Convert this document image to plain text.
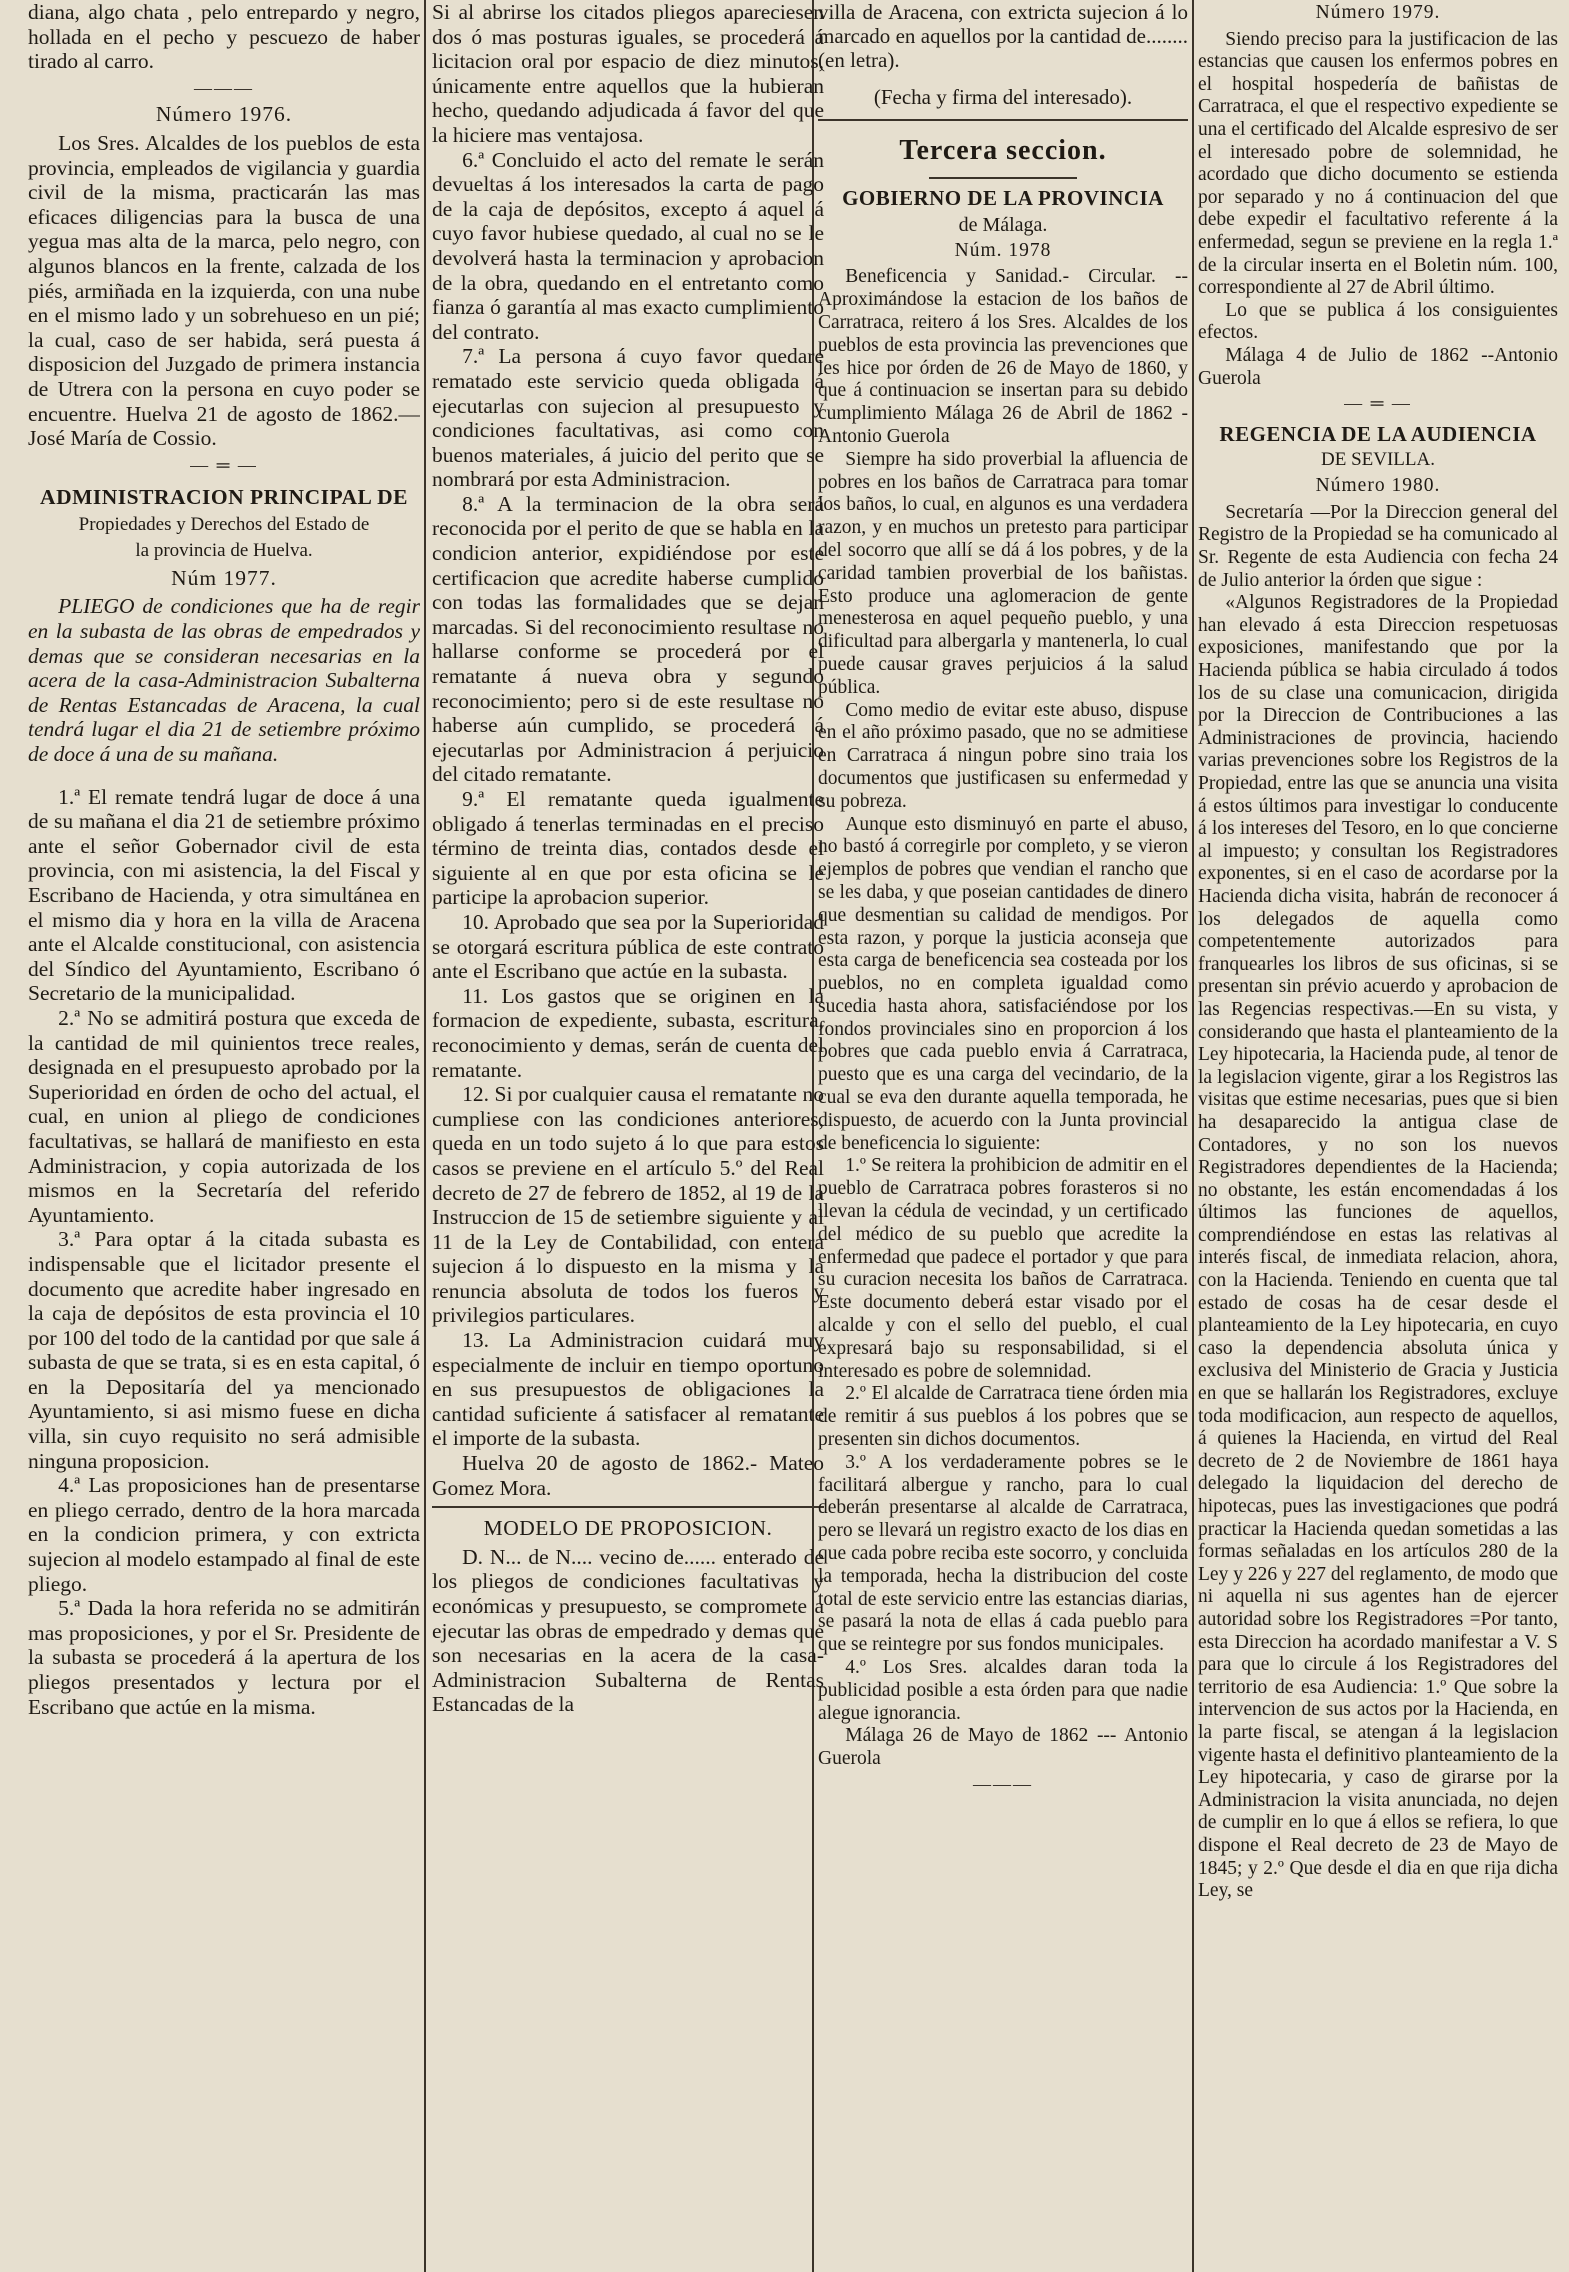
diana, algo chata , pelo entrepardo y negro, hollada en el pecho y pescuezo de haber tirado al carro.

———
Número 1976.

Los Sres. Alcaldes de los pueblos de esta provincia, empleados de vigilancia y guardia civil de la misma, practicarán las mas eficaces diligencias para la busca de una yegua mas alta de la marca, pelo negro, con algunos blancos en la frente, calzada de los piés, armiñada en la izquierda, con una nube en el mismo lado y un sobrehueso en un pié; la cual, caso de ser habida, será puesta á disposicion del Juzgado de primera instancia de Utrera con la persona en cuyo poder se encuentre. Huelva 21 de agosto de 1862.—José María de Cossio.

— ═ —
ADMINISTRACION PRINCIPAL DE
Propiedades y Derechos del Estado de
la provincia de Huelva.
Núm 1977.

PLIEGO de condiciones que ha de regir en la subasta de las obras de empedrados y demas que se consideran necesarias en la acera de la casa-Administracion Subalterna de Rentas Estancadas de Aracena, la cual tendrá lugar el dia 21 de setiembre próximo de doce á una de su mañana.

1.ª El remate tendrá lugar de doce á una de su mañana el dia 21 de setiembre próximo ante el señor Gobernador civil de esta provincia, con mi asistencia, la del Fiscal y Escribano de Hacienda, y otra simultánea en el mismo dia y hora en la villa de Aracena ante el Alcalde constitucional, con asistencia del Síndico del Ayuntamiento, Escribano ó Secretario de la municipalidad.

2.ª No se admitirá postura que exceda de la cantidad de mil quinientos trece reales, designada en el presupuesto aprobado por la Superioridad en órden de ocho del actual, el cual, en union al pliego de condiciones facultativas, se hallará de manifiesto en esta Administracion, y copia autorizada de los mismos en la Secretaría del referido Ayuntamiento.

3.ª Para optar á la citada subasta es indispensable que el licitador presente el documento que acredite haber ingresado en la caja de depósitos de esta provincia el 10 por 100 del todo de la cantidad por que sale á subasta de que se trata, si es en esta capital, ó en la Depositaría del ya mencionado Ayuntamiento, si asi mismo fuese en dicha villa, sin cuyo requisito no será admisible ninguna proposicion.

4.ª Las proposiciones han de presentarse en pliego cerrado, dentro de la hora marcada en la condicion primera, y con extricta sujecion al modelo estampado al final de este pliego.

5.ª Dada la hora referida no se admitirán mas proposiciones, y por el Sr. Presidente de la subasta se procederá á la apertura de los pliegos presentados y lectura por el Escribano que actúe en la misma.

Si al abrirse los citados pliegos apareciesen dos ó mas posturas iguales, se procederá á licitacion oral por espacio de diez minutos, únicamente entre aquellos que la hubieran hecho, quedando adjudicada á favor del que la hiciere mas ventajosa.

6.ª Concluido el acto del remate le serán devueltas á los interesados la carta de pago de la caja de depósitos, excepto á aquel á cuyo favor hubiese quedado, al cual no se le devolverá hasta la terminacion y aprobacion de la obra, quedando en el entretanto como fianza ó garantía al mas exacto cumplimiento del contrato.

7.ª La persona á cuyo favor quedare rematado este servicio queda obligada á ejecutarlas con sujecion al presupuesto y condiciones facultativas, asi como con buenos materiales, á juicio del perito que se nombrará por esta Administracion.

8.ª A la terminacion de la obra será reconocida por el perito de que se habla en la condicion anterior, expidiéndose por este certificacion que acredite haberse cumplido con todas las formalidades que se dejan marcadas. Si del reconocimiento resultase no hallarse conforme se procederá por el rematante á nueva obra y segundo reconocimiento; pero si de este resultase no haberse aún cumplido, se procederá á ejecutarlas por Administracion á perjuicio del citado rematante.

9.ª El rematante queda igualmente obligado á tenerlas terminadas en el preciso término de treinta dias, contados desde el siguiente al en que por esta oficina se le participe la aprobacion superior.

10. Aprobado que sea por la Superioridad se otorgará escritura pública de este contrato ante el Escribano que actúe en la subasta.

11. Los gastos que se originen en la formacion de expediente, subasta, escritura, reconocimiento y demas, serán de cuenta del rematante.

12. Si por cualquier causa el rematante no cumpliese con las condiciones anteriores, queda en un todo sujeto á lo que para estos casos se previene en el artículo 5.º del Real decreto de 27 de febrero de 1852, al 19 de la Instruccion de 15 de setiembre siguiente y al 11 de la Ley de Contabilidad, con entera sujecion á lo dispuesto en la misma y la renuncia absoluta de todos los fueros y privilegios particulares.

13. La Administracion cuidará muy especialmente de incluir en tiempo oportuno en sus presupuestos de obligaciones la cantidad suficiente á satisfacer al rematante el importe de la subasta.

Huelva 20 de agosto de 1862.- Mateo Gomez Mora.

MODELO DE PROPOSICION.

D. N... de N.... vecino de...... enterado de los pliegos de condiciones facultativas y económicas y presupuesto, se compromete a ejecutar las obras de empedrado y demas que son necesarias en la acera de la casa-Administracion Subalterna de Rentas Estancadas de la

villa de Aracena, con extricta sujecion á lo marcado en aquellos por la cantidad de........ (en letra).

(Fecha y firma del interesado).

Tercera seccion.
GOBIERNO DE LA PROVINCIA
de Málaga.
Núm. 1978

Beneficencia y Sanidad.- Circular. --Aproximándose la estacion de los baños de Carratraca, reitero á los Sres. Alcaldes de los pueblos de esta provincia las prevenciones que les hice por órden de 26 de Mayo de 1860, y que á continuacion se insertan para su debido cumplimiento Málaga 26 de Abril de 1862 -Antonio Guerola

Siempre ha sido proverbial la afluencia de pobres en los baños de Carratraca para tomar los baños, lo cual, en algunos es una verdadera razon, y en muchos un pretesto para participar del socorro que allí se dá á los pobres, y de la caridad tambien proverbial de los bañistas. Esto produce una aglomeracion de gente menesterosa en aquel pequeño pueblo, y una dificultad para albergarla y mantenerla, lo cual puede causar graves perjuicios á la salud pública.

Como medio de evitar este abuso, dispuse en el año próximo pasado, que no se admitiese en Carratraca á ningun pobre sino traia los documentos que justificasen su enfermedad y su pobreza.

Aunque esto disminuyó en parte el abuso, no bastó á corregirle por completo, y se vieron ejemplos de pobres que vendian el rancho que se les daba, y que poseian cantidades de dinero que desmentian su calidad de mendigos. Por esta razon, y porque la justicia aconseja que esta carga de beneficencia sea costeada por los pueblos, no en completa igualdad como sucedia hasta ahora, satisfaciéndose por los fondos provinciales sino en proporcion á los pobres que cada pueblo envia á Carratraca, puesto que es una carga del vecindario, de la cual se eva den durante aquella temporada, he dispuesto, de acuerdo con la Junta provincial de beneficencia lo siguiente:

1.º Se reitera la prohibicion de admitir en el pueblo de Carratraca pobres forasteros si no llevan la cédula de vecindad, y un certificado del médico de su pueblo que acredite la enfermedad que padece el portador y que para su curacion necesita los baños de Carratraca. Este documento deberá estar visado por el alcalde y con el sello del pueblo, el cual expresará bajo su responsabilidad, si el interesado es pobre de solemnidad.

2.º El alcalde de Carratraca tiene órden mia de remitir á sus pueblos á los pobres que se presenten sin dichos documentos.

3.º A los verdaderamente pobres se le facilitará albergue y rancho, para lo cual deberán presentarse al alcalde de Carratraca, pero se llevará un registro exacto de los dias en que cada pobre reciba este socorro, y concluida la temporada, hecha la distribucion del coste total de este servicio entre las estancias diarias, se pasará la nota de ellas á cada pueblo para que se reintegre por sus fondos municipales.

4.º Los Sres. alcaldes daran toda la publicidad posible a esta órden para que nadie alegue ignorancia.

Málaga 26 de Mayo de 1862 --- Antonio Guerola

———
Número 1979.

Siendo preciso para la justificacion de las estancias que causen los enfermos pobres en el hospital hospedería de bañistas de Carratraca, el que el respectivo expediente se una el certificado del Alcalde espresivo de ser el interesado pobre de solemnidad, he acordado que dicho documento se estienda por separado y no á continuacion del que debe expedir el facultativo referente á la enfermedad, segun se previene en la regla 1.ª de la circular inserta en el Boletin núm. 100, correspondiente al 27 de Abril último.

Lo que se publica á los consiguientes efectos.

Málaga 4 de Julio de 1862 --Antonio Guerola

— ═ —
REGENCIA DE LA AUDIENCIA
DE SEVILLA.
Número 1980.

Secretaría —Por la Direccion general del Registro de la Propiedad se ha comunicado al Sr. Regente de esta Audiencia con fecha 24 de Julio anterior la órden que sigue :

«Algunos Registradores de la Propiedad han elevado á esta Direccion respetuosas exposiciones, manifestando que por la Hacienda pública se habia circulado á todos los de su clase una comunicacion, dirigida por la Direccion de Contribuciones a las Administraciones de provincia, haciendo varias prevenciones sobre los Registros de la Propiedad, entre las que se anuncia una visita á estos últimos para investigar lo conducente á los intereses del Tesoro, en lo que concierne al impuesto; y consultan los Registradores exponentes, si en el caso de acordarse por la Hacienda dicha visita, habrán de reconocer á los delegados de aquella como competentemente autorizados para franquearles los libros de sus oficinas, si se presentan sin prévio acuerdo y aprobacion de las Regencias respectivas.—En su vista, y considerando que hasta el planteamiento de la Ley hipotecaria, la Hacienda pude, al tenor de la legislacion vigente, girar a los Registros las visitas que estime necesarias, pues que si bien ha desaparecido la antigua clase de Contadores, y no son los nuevos Registradores dependientes de la Hacienda; no obstante, les están encomendadas á los últimos las funciones de aquellos, comprendiéndose en estas las relativas al interés fiscal, de inmediata relacion, ahora, con la Hacienda. Teniendo en cuenta que tal estado de cosas ha de cesar desde el planteamiento de la Ley hipotecaria, en cuyo caso la dependencia absoluta única y exclusiva del Ministerio de Gracia y Justicia en que se hallarán los Registradores, excluye toda modificacion, aun respecto de aquellos, á quienes la Hacienda, en virtud del Real decreto de 2 de Noviembre de 1861 haya delegado la liquidacion del derecho de hipotecas, pues las investigaciones que podrá practicar la Hacienda quedan sometidas a las formas señaladas en los artículos 280 de la Ley y 226 y 227 del reglamento, de modo que ni aquella ni sus agentes han de ejercer autoridad sobre los Registradores =Por tanto, esta Direccion ha acordado manifestar a V. S para que lo circule á los Registradores del territorio de esa Audiencia: 1.º Que sobre la intervencion de sus actos por la Hacienda, en la parte fiscal, se atengan á la legislacion vigente hasta el definitivo planteamiento de la Ley hipotecaria, y caso de girarse por la Administracion la visita anunciada, no dejen de cumplir en lo que á ellos se refiera, lo que dispone el Real decreto de 23 de Mayo de 1845; y 2.º Que desde el dia en que rija dicha Ley, se
